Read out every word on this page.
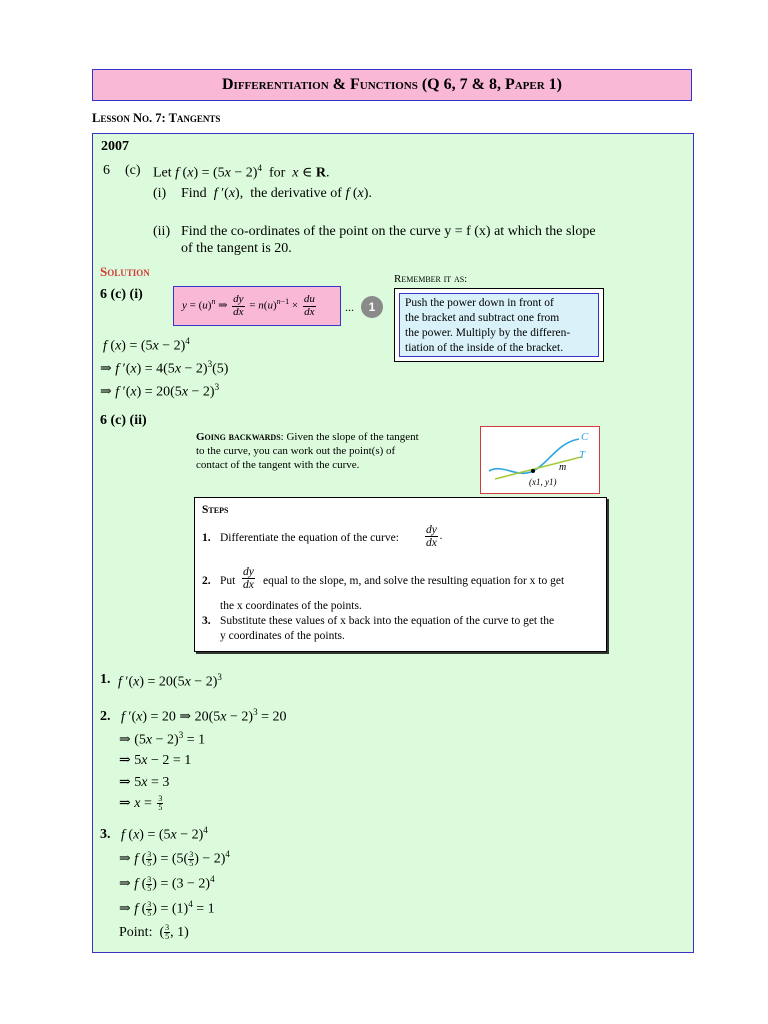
Differentiation & Functions (Q 6, 7 & 8, Paper 1)
Lesson No. 7: Tangents
2007
6 (c) Let f $(x) = (5x - 2)^4$  for  x ∈ R.
(i) Find  f ′(x),  the derivative of f (x).
(ii) Find the co-ordinates of the point on the curve y = f (x) at which the slope
of the tangent is 20.
Solution
6 (c) (i)
$y = (u)^n$ ⇒ $\frac{dy}{dx} = n(u)^{n-1} \times \frac{du}{dx}$ ...	1
Remember it as:
Push the power down in front of
the bracket and subtract one from
the power. Multiply by the differen-
tiation of the inside of the bracket.
f $(x) = (5x - 2)^4$
⇒ f $'(x) = 4(5x - 2)^3(5)$
⇒ f $'(x) = 20(5x - 2)^3$
6 (c) (ii)
Going backwards: Given the slope of the tangent
to the curve, you can work out the point(s) of
contact of the tangent with the curve.
C
T
m
(x1, y1)
Steps
1. Differentiate the equation of the curve: $\frac{dy}{dx}$ .
2. Put $\frac{dy}{dx}$ equal to the slope, m, and solve the resulting equation for x to get
the x coordinates of the points.
3. Substitute these values of x back into the equation of the curve to get the
y coordinates of the points.
1. f $'(x) = 20(5x - 2)^3$
2. f ′(x) = 20 ⇒ $20(5x - 2)^3 = 20$
⇒ $(5x - 2)^3 = 1$
⇒ 5x − 2 = 1
⇒ 5x = 3
⇒ $x = \frac{3}{5}$
3. f $(x) = (5x - 2)^4$
⇒ f ( $\frac{3}{5}$ ) = ($5( \frac{3}{5}$ ) − 2)$^4$
⇒ f ( $\frac{3}{5}$ ) = $(3 - 2)^4$
⇒ f ( $\frac{3}{5}$ ) = $(1)^4 = 1$
Point:  ( $\frac{3}{5}$ , 1)
